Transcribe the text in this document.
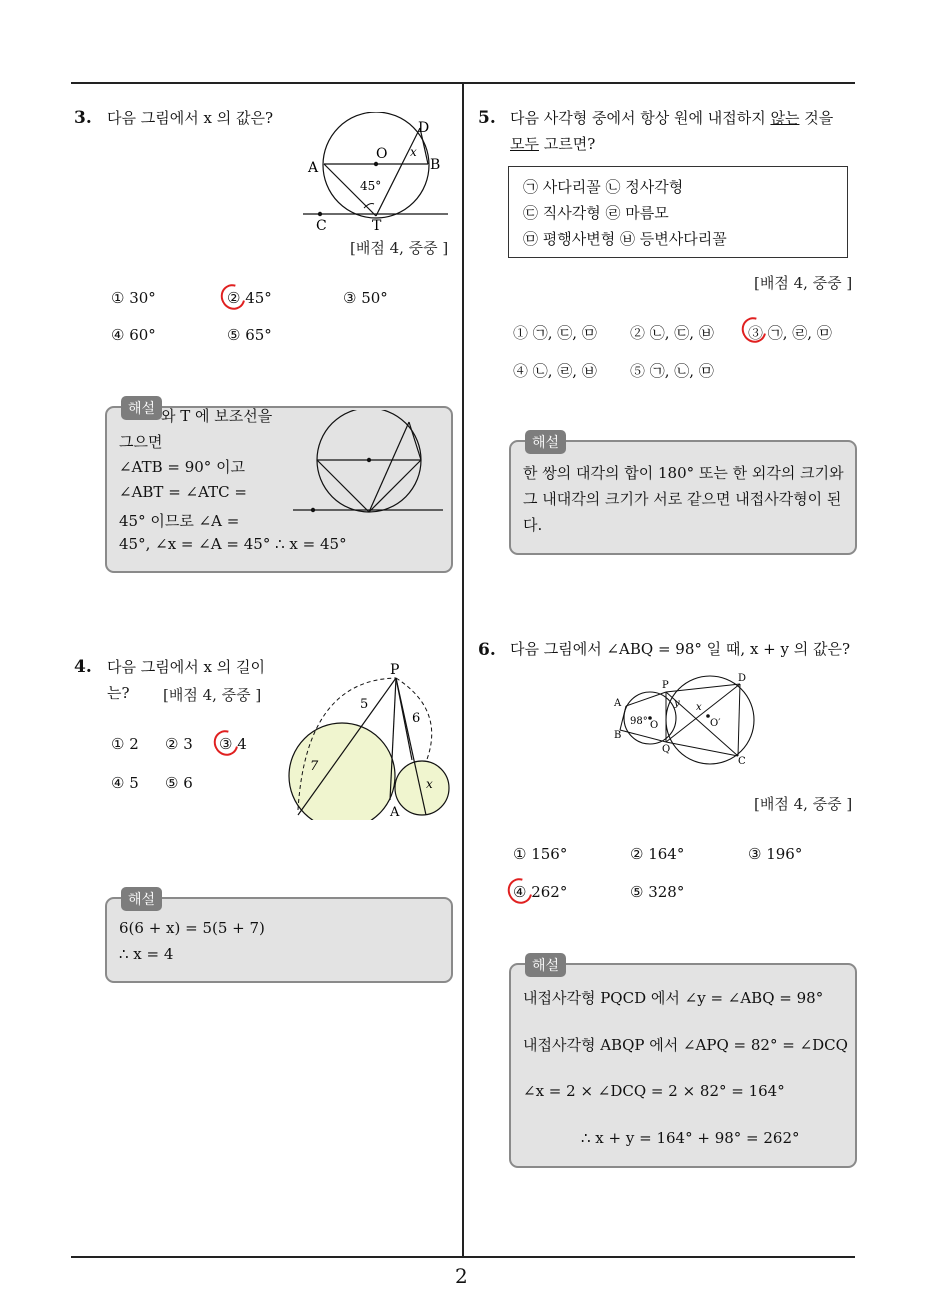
2
3. 다음 그림에서 x 의 값은?
D
O
B
A
x
45°
C	T
[배점 4, 중중 ]
① 30°	② 45°	③ 50°
④ 60°	⑤ 65°
해설 와 T 에 보조선을
그으면
∠ATB = 90° 이고
∠ABT = ∠ATC =
45° 이므로 ∠A =
45°, ∠x = ∠A = 45° ∴ x = 45°
4. 다음 그림에서 x 의 길이
는? [배점 4, 중중 ]
① 2 ② 3 ③ 4
④ 5 ⑤ 6
P
5
6
7
A
x
해설
6(6 + x) = 5(5 + 7)
∴ x = 4
5. 다음 사각형 중에서 항상 원에 내접하지 않는 것을
모두 고르면?
㉠ 사다리꼴 ㉡ 정사각형
㉢ 직사각형 ㉣ 마름모
㉤ 평행사변형 ㉥ 등변사다리꼴
[배점 4, 중중 ]
① ㉠, ㉢, ㉤ ② ㉡, ㉢, ㉥ ③ ㉠, ㉣, ㉤
④ ㉡, ㉣, ㉥ ⑤ ㉠, ㉡, ㉤
해설
한 쌍의 대각의 합이 180° 또는 한 외각의 크기와
그 내대각의 크기가 서로 같으면 내접사각형이 된
다.
6. 다음 그림에서 ∠ABQ = 98° 일 때, x + y 의 값은?
A
P
D
y x
98° O	O′
B
Q
C
[배점 4, 중중 ]
① 156°	② 164°	③ 196°
④ 262°	⑤ 328°
해설
내접사각형 PQCD 에서 ∠y = ∠ABQ = 98°
내접사각형 ABQP 에서 ∠APQ = 82° = ∠DCQ
∠x = 2 × ∠DCQ = 2 × 82° = 164°
∴ x + y = 164° + 98° = 262°
